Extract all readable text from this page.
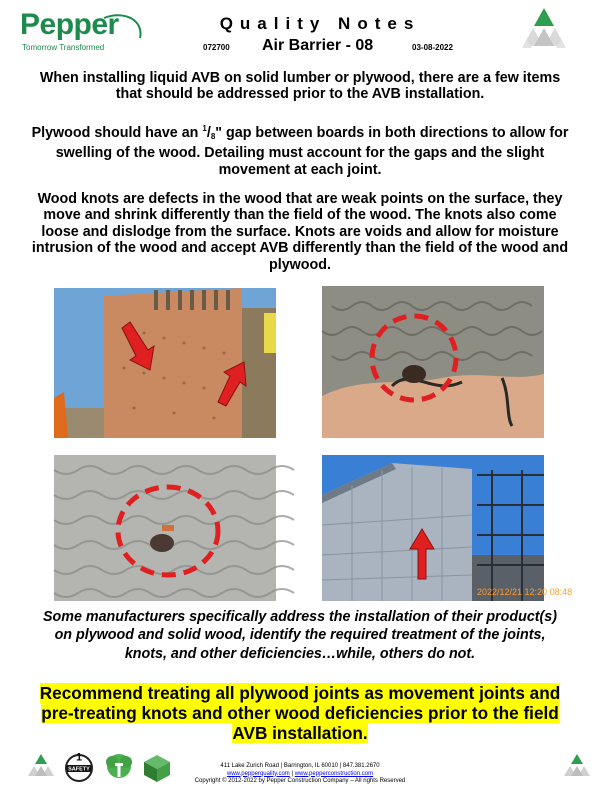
Pepper
Tomorrow Transformed
Quality Notes
072700 Air Barrier - 08	03-08-2022
When installing liquid AVB on solid lumber or plywood, there are a few items that should be addressed prior to the AVB installation.
Plywood should have an $^1/_8$" gap between boards in both directions to allow for swelling of the wood. Detailing must account for the gaps and the slight movement at each joint.
Wood knots are defects in the wood that are weak points on the surface, they move and shrink differently than the field of the wood. The knots also come loose and dislodge from the surface. Knots are voids and allow for moisture intrusion of the wood and accept AVB differently than the field of the wood and plywood.
2022/12/21 12:20 08:48
Some manufacturers specifically address the installation of their product(s) on plywood and solid wood, identify the required treatment of the joints, knots, and other deficiencies…while, others do not.
Recommend treating all plywood joints as movement joints and pre-treating knots and other wood deficiencies prior to the field AVB installation.
1
SAFETY
411 Lake Zurich Road | Barrington, IL 60010 | 847.381.2670
www.pepperquality.com | www.pepperconstruction.com
Copyright © 2012-2022 by Pepper Construction Company – All rights Reserved
